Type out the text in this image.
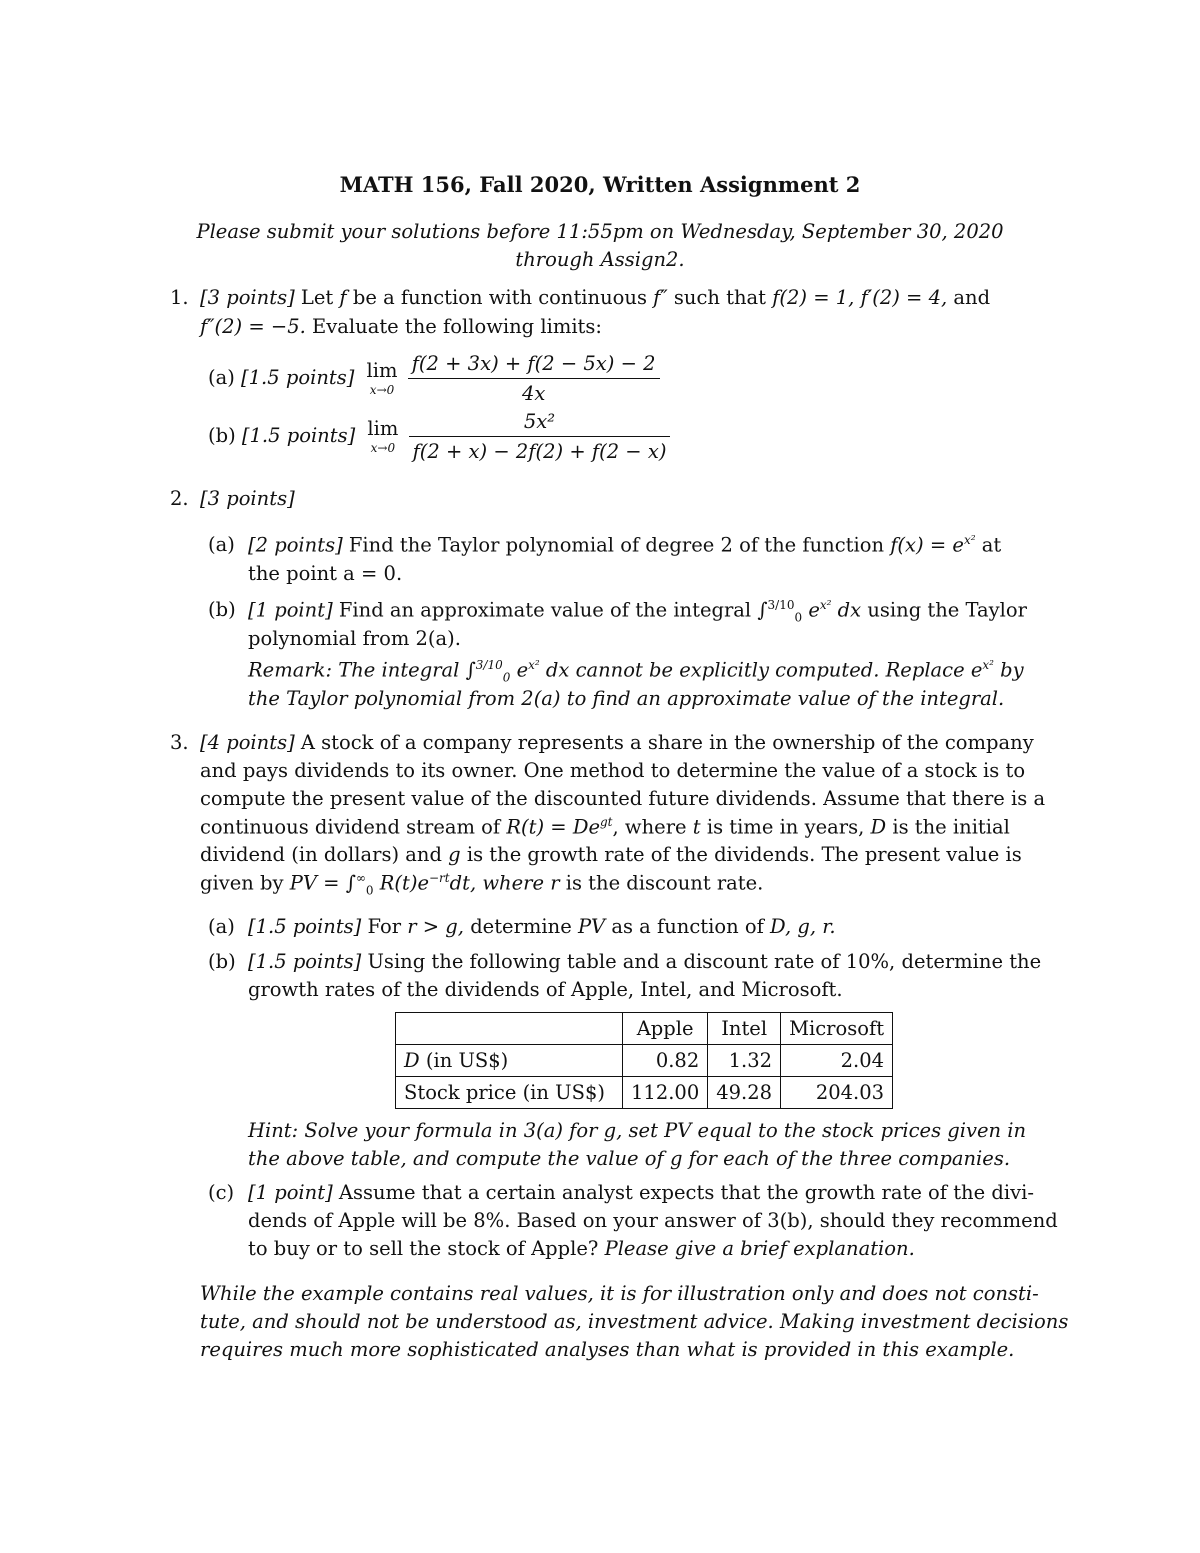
MATH 156, Fall 2020, Written Assignment 2
Please submit your solutions before 11:55pm on Wednesday, September 30, 2020
through Assign2.
1. [3 points] Let f be a function with continuous f″ such that f(2) = 1, f′(2) = 4, and
f″(2) = −5. Evaluate the following limits:
(a) [1.5 points] lim
x→0
$\frac{f(2 + 3x) + f(2 - 5x) - 2}{4x}$
(b) [1.5 points] lim
x→0
$\frac{\text{5x²}}{f(2 + x) - 2f(2) + f(2 - x)}$
2. [3 points]
(a) [2 points] Find the Taylor polynomial of degree 2 of the function $f(x) = e^{x^2}$ at
the point a = 0.
(b) [1 point] Find an approximate value of the integral ∫$^{3/10}_0$ $e^{x^2}$ dx using the Taylor
polynomial from 2(a).
Remark: The integral ∫$^{3/10}_0$ $e^{x^2}$ dx cannot be explicitly computed. Replace $e^{x^2}$ by
the Taylor polynomial from 2(a) to find an approximate value of the integral.
3. [4 points] A stock of a company represents a share in the ownership of the company
and pays dividends to its owner. One method to determine the value of a stock is to
compute the present value of the discounted future dividends. Assume that there is a
continuous dividend stream of $R(t) = De^{gt}$, where t is time in years, D is the initial
dividend (in dollars) and g is the growth rate of the dividends. The present value is
given by PV = $\int^\infty_0$ $R(t)e^{-rt}dt$, where r is the discount rate.
(a) [1.5 points] For r > g, determine PV as a function of D, g, r.
(b) [1.5 points] Using the following table and a discount rate of 10%, determine the
growth rates of the dividends of Apple, Intel, and Microsoft.
	Apple	Intel	Microsoft
D (in US$)	0.82	1.32	2.04
Stock price (in US$)	112.00	49.28	204.03
Hint: Solve your formula in 3(a) for g, set PV equal to the stock prices given in
the above table, and compute the value of g for each of the three companies.
(c) [1 point] Assume that a certain analyst expects that the growth rate of the divi-
dends of Apple will be 8%. Based on your answer of 3(b), should they recommend
to buy or to sell the stock of Apple? Please give a brief explanation.
While the example contains real values, it is for illustration only and does not consti-
tute, and should not be understood as, investment advice. Making investment decisions
requires much more sophisticated analyses than what is provided in this example.
